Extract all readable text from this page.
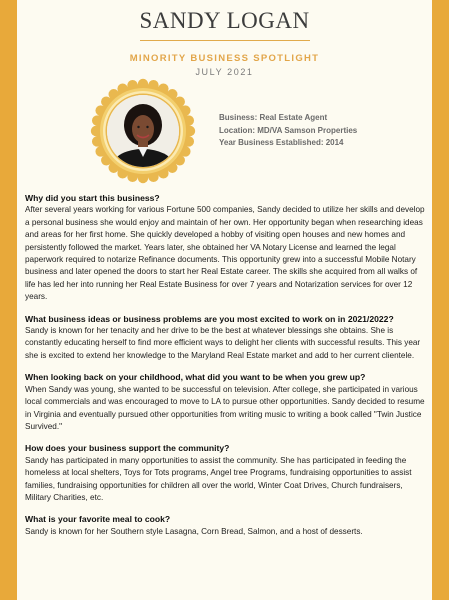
SANDY LOGAN
MINORITY BUSINESS SPOTLIGHT
JULY 2021
Business: Real Estate Agent
Location: MD/VA Samson Properties
Year Business Established: 2014
Why did you start this business?
After several years working for various Fortune 500 companies, Sandy decided to utilize her skills and develop a personal business she would enjoy and maintain of her own. Her opportunity began when researching ideas and areas for her first home. She quickly developed a hobby of visiting open houses and new homes and persistently followed the market. Years later, she obtained her VA Notary License and learned the legal paperwork required to notarize Refinance documents. This opportunity grew into a successful Mobile Notary business and later opened the doors to start her Real Estate career. The skills she acquired from all walks of life has led her into running her Real Estate Business for over 7 years and Notarization services for over 12 years.
What business ideas or business problems are you most excited to work on in 2021/2022?
Sandy is known for her tenacity and her drive to be the best at whatever blessings she obtains. She is constantly educating herself to find more efficient ways to delight her clients with successful results. This year she is excited to extend her knowledge to the Maryland Real Estate market and add to her current clientele.
When looking back on your childhood, what did you want to be when you grew up?
When Sandy was young, she wanted to be successful on television. After college, she participated in various local commercials and was encouraged to move to LA to pursue other opportunities. Sandy decided to resume in Virginia and eventually pursued other opportunities from writing music to writing a book called "Twin Justice Survived."
How does your business support the community?
Sandy has participated in many opportunities to assist the community. She has participated in feeding the homeless at local shelters, Toys for Tots programs, Angel tree Programs, fundraising opportunities to assist families, fundraising opportunities for children all over the world, Winter Coat Drives, Church fundraisers, Military Charities, etc.
What is your favorite meal to cook?
Sandy is known for her Southern style Lasagna, Corn Bread, Salmon, and a host of desserts.
